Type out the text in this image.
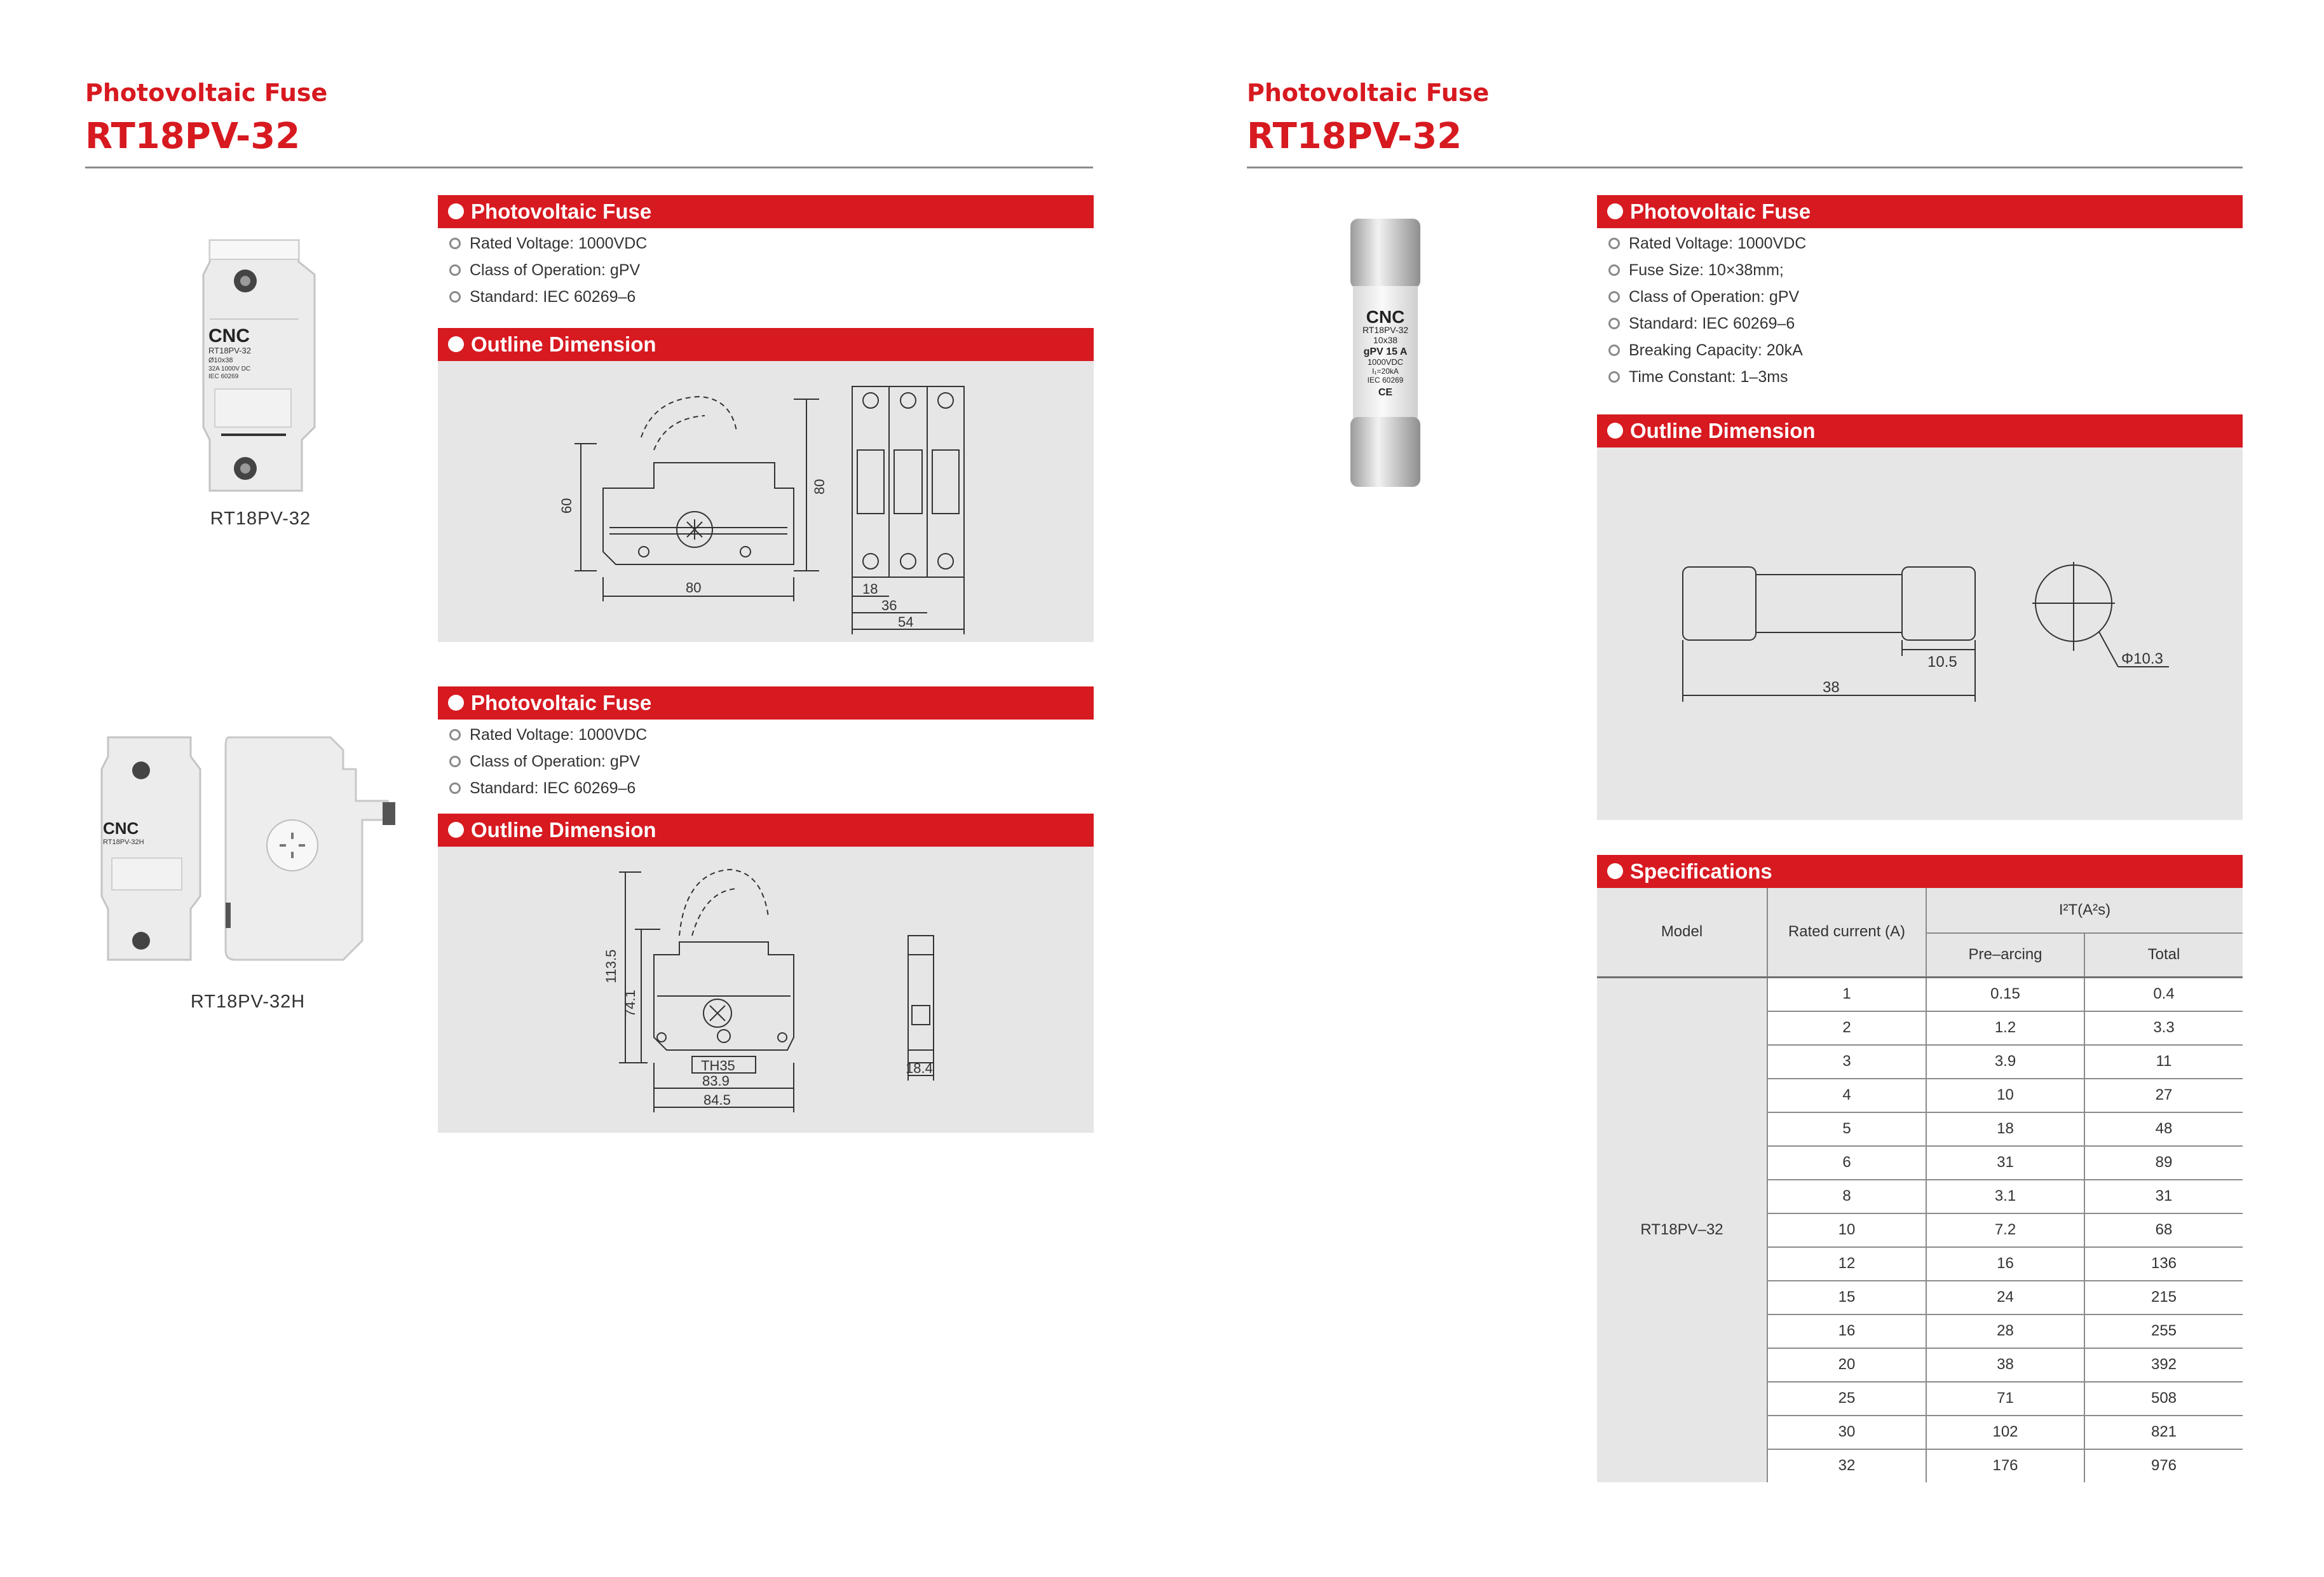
Photovoltaic Fuse
RT18PV-32
CNC
RT18PV-32
Ø10x38
32A 1000V DC
IEC 60269
RT18PV-32
Photovoltaic Fuse
Rated Voltage: 1000VDC
Class of Operation: gPV
Standard: IEC 60269–6
Outline Dimension
60
80
80	18
36
54
CNC
RT18PV-32H
RT18PV-32H
Photovoltaic Fuse
Rated Voltage: 1000VDC
Class of Operation: gPV
Standard: IEC 60269–6
Outline Dimension
113.5
74.1
TH35
83.9
84.5
18.4
Photovoltaic Fuse
RT18PV-32
CNC
RT18PV-32
10x38
gPV 15 A
1000VDC
I₁=20kA
IEC 60269
CE
Photovoltaic Fuse
Rated Voltage: 1000VDC
Fuse Size: 10×38mm;
Class of Operation: gPV
Standard: IEC 60269–6
Breaking Capacity: 20kA
Time Constant: 1–3ms
Outline Dimension
10.5
38
Φ10.3
Specifications
Model	Rated current (A)	I²T(A²s)	
		Pre–arcing	Total
RT18PV–32	1	0.15	0.4
	2	1.2	3.3
	3	3.9	11
	4	10	27
	5	18	48
	6	31	89
	8	3.1	31
	10	7.2	68
	12	16	136
	15	24	215
	16	28	255
	20	38	392
	25	71	508
	30	102	821
	32	176	976
